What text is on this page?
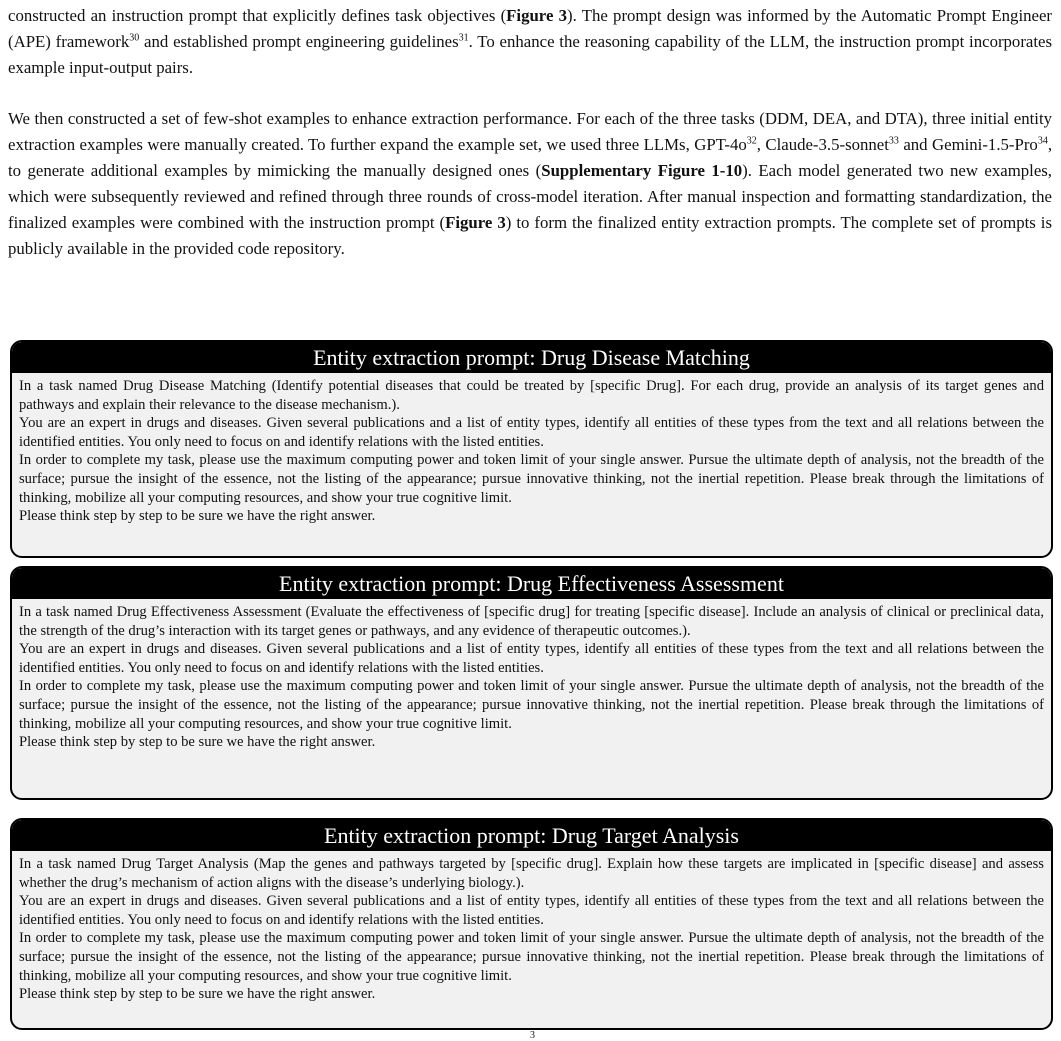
constructed an instruction prompt that explicitly defines task objectives (Figure 3). The prompt design was informed by the Automatic Prompt Engineer (APE) framework$^{30}$ and established prompt engineering guidelines$^{31}$. To enhance the reasoning capability of the LLM, the instruction prompt incorporates example input-output pairs.

We then constructed a set of few-shot examples to enhance extraction performance. For each of the three tasks (DDM, DEA, and DTA), three initial entity extraction examples were manually created. To further expand the example set, we used three LLMs, GPT-$4o^{32}$, Claude-3.5-sonnet$^{33}$ and Gemini-1.5-Pro$^{34}$, to generate additional examples by mimicking the manually designed ones (Supplementary Figure 1-10). Each model generated two new examples, which were subsequently reviewed and refined through three rounds of cross-model iteration. After manual inspection and formatting standardization, the finalized examples were combined with the instruction prompt (Figure 3) to form the finalized entity extraction prompts. The complete set of prompts is publicly available in the provided code repository.

Entity extraction prompt: Drug Disease Matching

In a task named Drug Disease Matching (Identify potential diseases that could be treated by [specific Drug]. For each drug, provide an analysis of its target genes and pathways and explain their relevance to the disease mechanism.).

You are an expert in drugs and diseases. Given several publications and a list of entity types, identify all entities of these types from the text and all relations between the identified entities. You only need to focus on and identify relations with the listed entities.

In order to complete my task, please use the maximum computing power and token limit of your single answer. Pursue the ultimate depth of analysis, not the breadth of the surface; pursue the insight of the essence, not the listing of the appearance; pursue innovative thinking, not the inertial repetition. Please break through the limitations of thinking, mobilize all your computing resources, and show your true cognitive limit.

Please think step by step to be sure we have the right answer.

Entity extraction prompt: Drug Effectiveness Assessment

In a task named Drug Effectiveness Assessment (Evaluate the effectiveness of [specific drug] for treating [specific disease]. Include an analysis of clinical or preclinical data, the strength of the drug’s interaction with its target genes or pathways, and any evidence of therapeutic outcomes.).

You are an expert in drugs and diseases. Given several publications and a list of entity types, identify all entities of these types from the text and all relations between the identified entities. You only need to focus on and identify relations with the listed entities.

In order to complete my task, please use the maximum computing power and token limit of your single answer. Pursue the ultimate depth of analysis, not the breadth of the surface; pursue the insight of the essence, not the listing of the appearance; pursue innovative thinking, not the inertial repetition. Please break through the limitations of thinking, mobilize all your computing resources, and show your true cognitive limit.

Please think step by step to be sure we have the right answer.

Entity extraction prompt: Drug Target Analysis

In a task named Drug Target Analysis (Map the genes and pathways targeted by [specific drug]. Explain how these targets are implicated in [specific disease] and assess whether the drug’s mechanism of action aligns with the disease’s underlying biology.).

You are an expert in drugs and diseases. Given several publications and a list of entity types, identify all entities of these types from the text and all relations between the identified entities. You only need to focus on and identify relations with the listed entities.

In order to complete my task, please use the maximum computing power and token limit of your single answer. Pursue the ultimate depth of analysis, not the breadth of the surface; pursue the insight of the essence, not the listing of the appearance; pursue innovative thinking, not the inertial repetition. Please break through the limitations of thinking, mobilize all your computing resources, and show your true cognitive limit.

Please think step by step to be sure we have the right answer.

3
